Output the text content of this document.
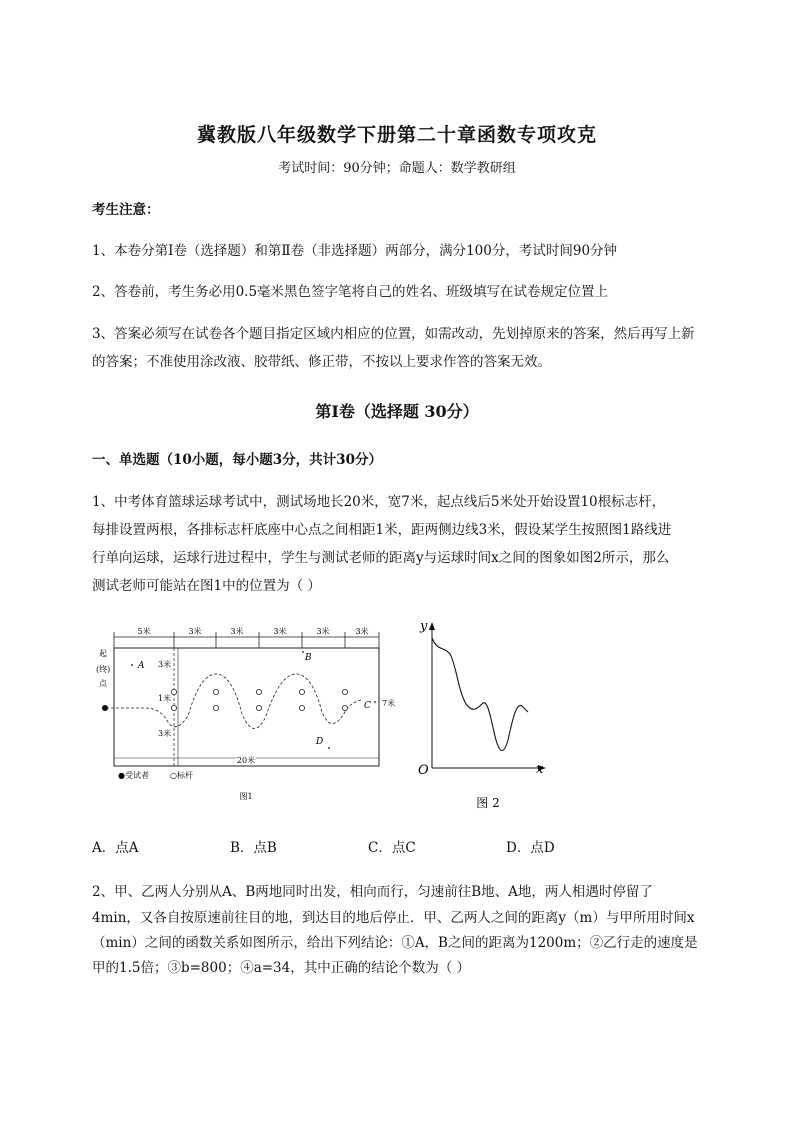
冀教版八年级数学下册第二十章函数专项攻克
考试时间：90分钟；命题人：数学教研组
考生注意：
1、本卷分第I卷（选择题）和第Ⅱ卷（非选择题）两部分，满分100分，考试时间90分钟
2、答卷前，考生务必用0.5毫米黑色签字笔将自己的姓名、班级填写在试卷规定位置上
3、答案必须写在试卷各个题目指定区域内相应的位置，如需改动，先划掉原来的答案，然后再写上新
的答案；不准使用涂改液、胶带纸、修正带，不按以上要求作答的答案无效。
第I卷（选择题 30分）
一、单选题（10小题，每小题3分，共计30分）
1、中考体育篮球运球考试中，测试场地长20米，宽7米，起点线后5米处开始设置10根标志杆，
每排设置两根，各排标志杆底座中心点之间相距1米，距两侧边线3米，假设某学生按照图1路线进
行单向运球，运球行进过程中，学生与测试老师的距离y与运球时间x之间的图象如图2所示，那么
测试老师可能站在图1中的位置为（ ）
5米	3米	3米	3米	3米	3米
3米
1米
3米
起
(终)
点
A
B
C
D
7米
20米
●受试者	○标杆
图1
y
x
O
图 2
A．点A	B．点B	C．点C	D．点D
2、甲、乙两人分别从A、B两地同时出发，相向而行，匀速前往B地、A地，两人相遇时停留了
4min，又各自按原速前往目的地，到达目的地后停止．甲、乙两人之间的距离y（m）与甲所用时间x
（min）之间的函数关系如图所示，给出下列结论：①A，B之间的距离为1200m；②乙行走的速度是
甲的1.5倍；③b=800；④a=34，其中正确的结论个数为（ ）
